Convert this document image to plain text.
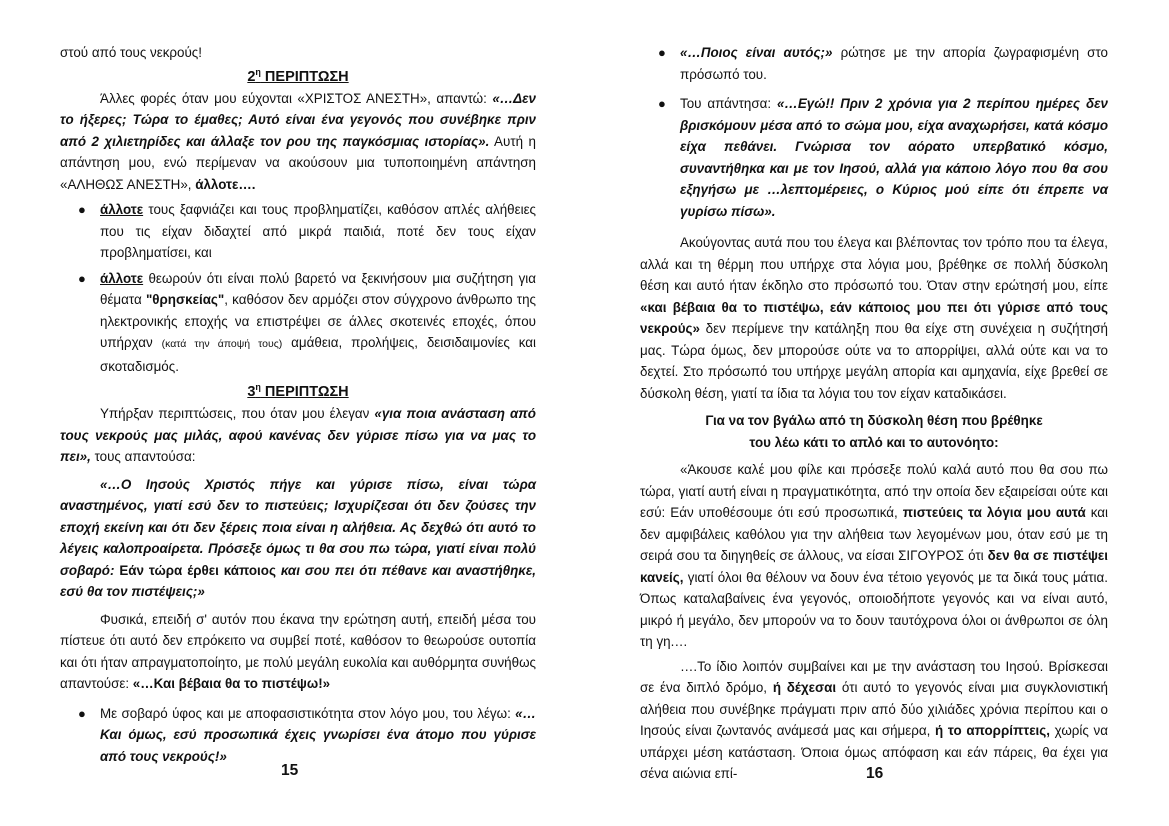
στού από τους νεκρούς!

$2^\eta$ ΠΕΡΙΠΤΩΣΗ

Άλλες φορές όταν μου εύχονται «ΧΡΙΣΤΟΣ ΑΝΕΣΤΗ», απαντώ: «…Δεν το ήξερες; Τώρα το έμαθες; Αυτό είναι ένα γεγονός που συνέβηκε πριν από 2 χιλιετηρίδες και άλλαξε τον ρου της παγκόσμιας ιστορίας». Αυτή η απάντηση μου, ενώ περίμεναν να ακούσουν μια τυποποιημένη απάντηση «ΑΛΗΘΩΣ ΑΝΕΣΤΗ», άλλοτε….

● άλλοτε τους ξαφνιάζει και τους προβληματίζει, καθόσον απλές αλήθειες που τις είχαν διδαχτεί από μικρά παιδιά, ποτέ δεν τους είχαν προβληματίσει, και
● άλλοτε θεωρούν ότι είναι πολύ βαρετό να ξεκινήσουν μια συζήτηση για θέματα "θρησκείας", καθόσον δεν αρμόζει στον σύγχρονο άνθρωπο της ηλεκτρονικής εποχής να επιστρέψει σε άλλες σκοτεινές εποχές, όπου υπήρχαν (κατά την άποψή τους) αμάθεια, προλήψεις, δεισιδαιμονίες και σκοταδισμός.
$3^\eta$ ΠΕΡΙΠΤΩΣΗ

Υπήρξαν περιπτώσεις, που όταν μου έλεγαν «για ποια ανάσταση από τους νεκρούς μας μιλάς, αφού κανένας δεν γύρισε πίσω για να μας το πει», τους απαντούσα:

«…Ο Ιησούς Χριστός πήγε και γύρισε πίσω, είναι τώρα αναστημένος, γιατί εσύ δεν το πιστεύεις; Ισχυρίζεσαι ότι δεν ζούσες την εποχή εκείνη και ότι δεν ξέρεις ποια είναι η αλήθεια. Ας δεχθώ ότι αυτό το λέγεις καλοπροαίρετα. Πρόσεξε όμως τι θα σου πω τώρα, γιατί είναι πολύ σοβαρό: Εάν τώρα έρθει κάποιος και σου πει ότι πέθανε και αναστήθηκε, εσύ θα τον πιστέψεις;»

Φυσικά, επειδή σ' αυτόν που έκανα την ερώτηση αυτή, επειδή μέσα του πίστευε ότι αυτό δεν επρόκειτο να συμβεί ποτέ, καθόσον το θεωρούσε ουτοπία και ότι ήταν απραγματοποίητο, με πολύ μεγάλη ευκολία και αυθόρμητα συνήθως απαντούσε: «…Και βέβαια θα το πιστέψω!»

● Με σοβαρό ύφος και με αποφασιστικότητα στον λόγο μου, του λέγω: «…Και όμως, εσύ προσωπικά έχεις γνωρίσει ένα άτομο που γύρισε από τους νεκρούς!»
15
● «…Ποιος είναι αυτός;» ρώτησε με την απορία ζωγραφισμένη στο πρόσωπό του.
● Του απάντησα: «…Εγώ!! Πριν 2 χρόνια για 2 περίπου ημέρες δεν βρισκόμουν μέσα από το σώμα μου, είχα αναχωρήσει, κατά κόσμο είχα πεθάνει. Γνώρισα τον αόρατο υπερβατικό κόσμο, συναντήθηκα και με τον Ιησού, αλλά για κάποιο λόγο που θα σου εξηγήσω με …λεπτομέρειες, ο Κύριος μού είπε ότι έπρεπε να γυρίσω πίσω».

Ακούγοντας αυτά που του έλεγα και βλέποντας τον τρόπο που τα έλεγα, αλλά και τη θέρμη που υπήρχε στα λόγια μου, βρέθηκε σε πολλή δύσκολη θέση και αυτό ήταν έκδηλο στο πρόσωπό του. Όταν στην ερώτησή μου, είπε «και βέβαια θα το πιστέψω, εάν κάποιος μου πει ότι γύρισε από τους νεκρούς» δεν περίμενε την κατάληξη που θα είχε στη συνέχεια η συζήτησή μας. Τώρα όμως, δεν μπορούσε ούτε να το απορρίψει, αλλά ούτε και να το δεχτεί. Στο πρόσωπό του υπήρχε μεγάλη απορία και αμηχανία, είχε βρεθεί σε δύσκολη θέση, γιατί τα ίδια τα λόγια του τον είχαν καταδικάσει.

Για να τον βγάλω από τη δύσκολη θέση που βρέθηκε
του λέω κάτι το απλό και το αυτονόητο:

«Άκουσε καλέ μου φίλε και πρόσεξε πολύ καλά αυτό που θα σου πω τώρα, γιατί αυτή είναι η πραγματικότητα, από την οποία δεν εξαιρείσαι ούτε και εσύ: Εάν υποθέσουμε ότι εσύ προσωπικά, πιστεύεις τα λόγια μου αυτά και δεν αμφιβάλεις καθόλου για την αλήθεια των λεγομένων μου, όταν εσύ με τη σειρά σου τα διηγηθείς σε άλλους, να είσαι ΣΙΓΟΥΡΟΣ ότι δεν θα σε πιστέψει κανείς, γιατί όλοι θα θέλουν να δουν ένα τέτοιο γεγονός με τα δικά τους μάτια. Όπως καταλαβαίνεις ένα γεγονός, οποιοδήποτε γεγονός και να είναι αυτό, μικρό ή μεγάλο, δεν μπορούν να το δουν ταυτόχρονα όλοι οι άνθρωποι σε όλη τη γη.…

….Το ίδιο λοιπόν συμβαίνει και με την ανάσταση του Ιησού. Βρίσκεσαι σε ένα διπλό δρόμο, ή δέχεσαι ότι αυτό το γεγονός είναι μια συγκλονιστική αλήθεια που συνέβηκε πράγματι πριν από δύο χιλιάδες χρόνια περίπου και ο Ιησούς είναι ζωντανός ανάμεσά μας και σήμερα, ή το απορρίπτεις, χωρίς να υπάρχει μέση κατάσταση. Όποια όμως απόφαση και εάν πάρεις, θα έχει για σένα αιώνια επί-	16
